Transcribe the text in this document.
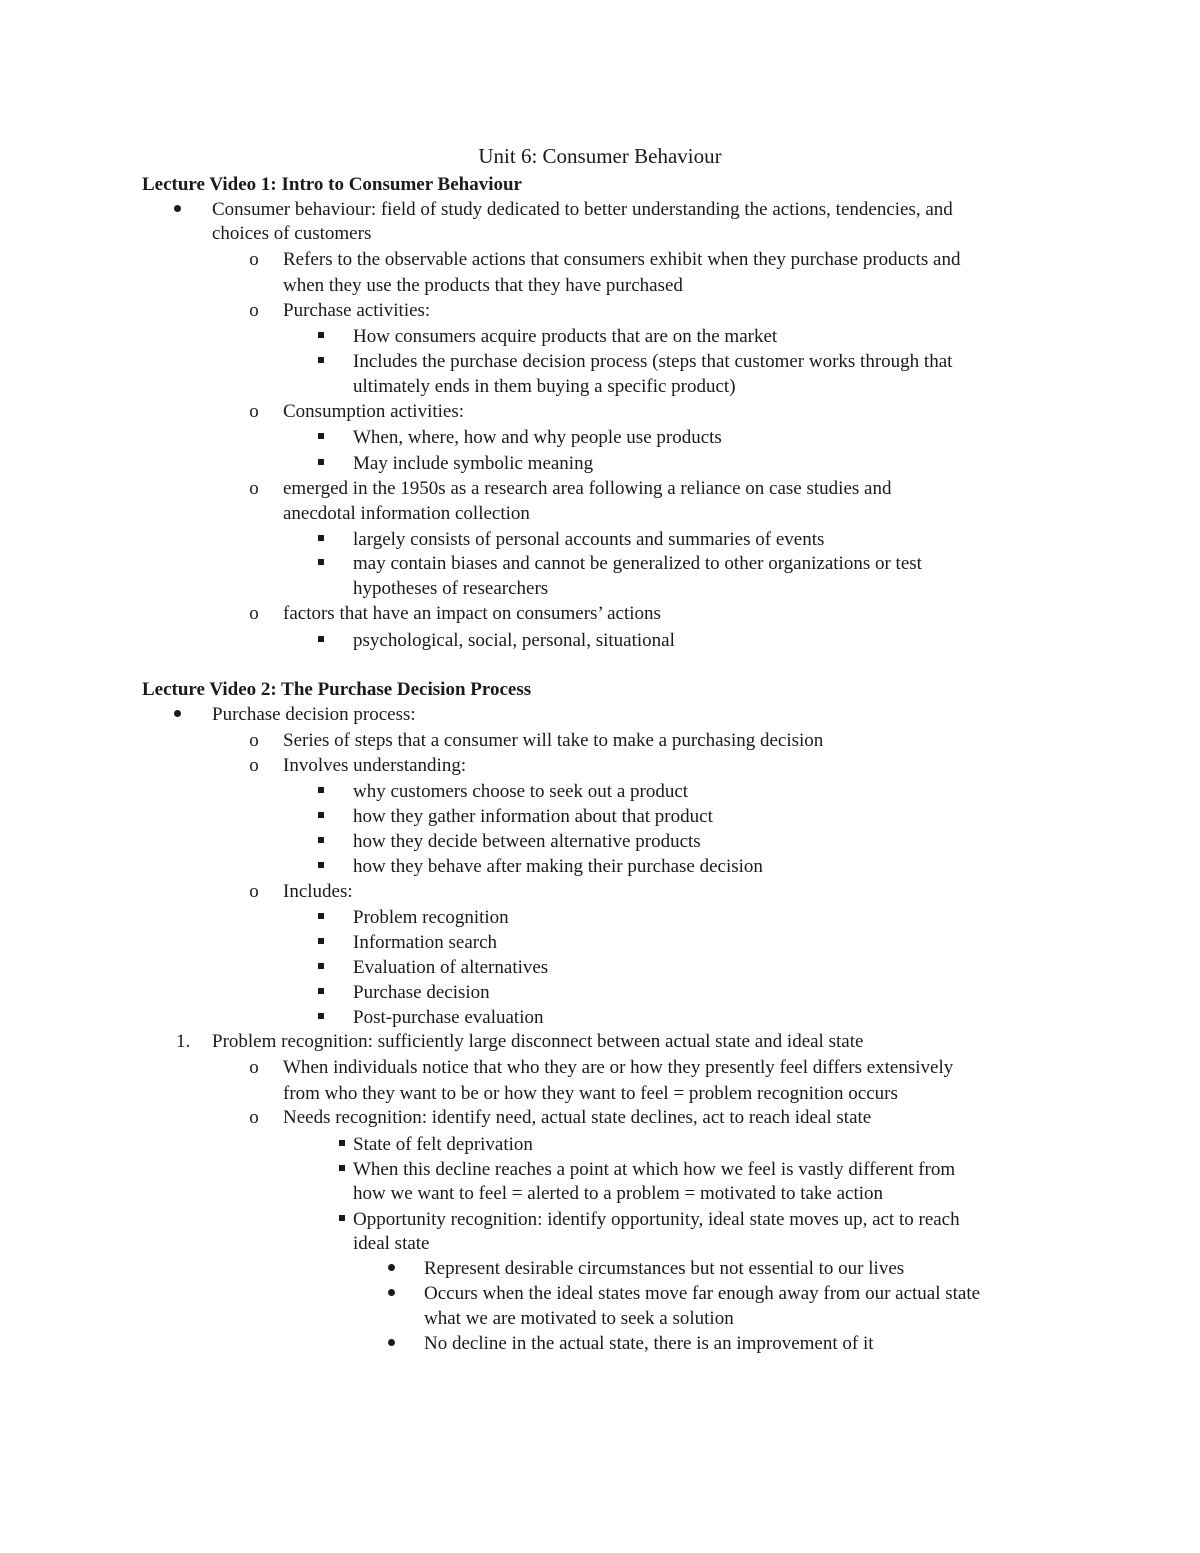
Unit 6: Consumer Behaviour
Lecture Video 1: Intro to Consumer Behaviour
Consumer behaviour: field of study dedicated to better understanding the actions, tendencies, and
choices of customers
o Refers to the observable actions that consumers exhibit when they purchase products and
when they use the products that they have purchased
o Purchase activities:
How consumers acquire products that are on the market
Includes the purchase decision process (steps that customer works through that
ultimately ends in them buying a specific product)
o Consumption activities:
When, where, how and why people use products
May include symbolic meaning
o emerged in the 1950s as a research area following a reliance on case studies and
anecdotal information collection
largely consists of personal accounts and summaries of events
may contain biases and cannot be generalized to other organizations or test
hypotheses of researchers
o factors that have an impact on consumers’ actions
psychological, social, personal, situational
Lecture Video 2: The Purchase Decision Process
Purchase decision process:
o Series of steps that a consumer will take to make a purchasing decision
o Involves understanding:
why customers choose to seek out a product
how they gather information about that product
how they decide between alternative products
how they behave after making their purchase decision
o Includes:
Problem recognition
Information search
Evaluation of alternatives
Purchase decision
Post-purchase evaluation
1. Problem recognition: sufficiently large disconnect between actual state and ideal state
o When individuals notice that who they are or how they presently feel differs extensively
from who they want to be or how they want to feel = problem recognition occurs
o Needs recognition: identify need, actual state declines, act to reach ideal state
State of felt deprivation
When this decline reaches a point at which how we feel is vastly different from
how we want to feel = alerted to a problem = motivated to take action
Opportunity recognition: identify opportunity, ideal state moves up, act to reach
ideal state
Represent desirable circumstances but not essential to our lives
Occurs when the ideal states move far enough away from our actual state
what we are motivated to seek a solution
No decline in the actual state, there is an improvement of it
